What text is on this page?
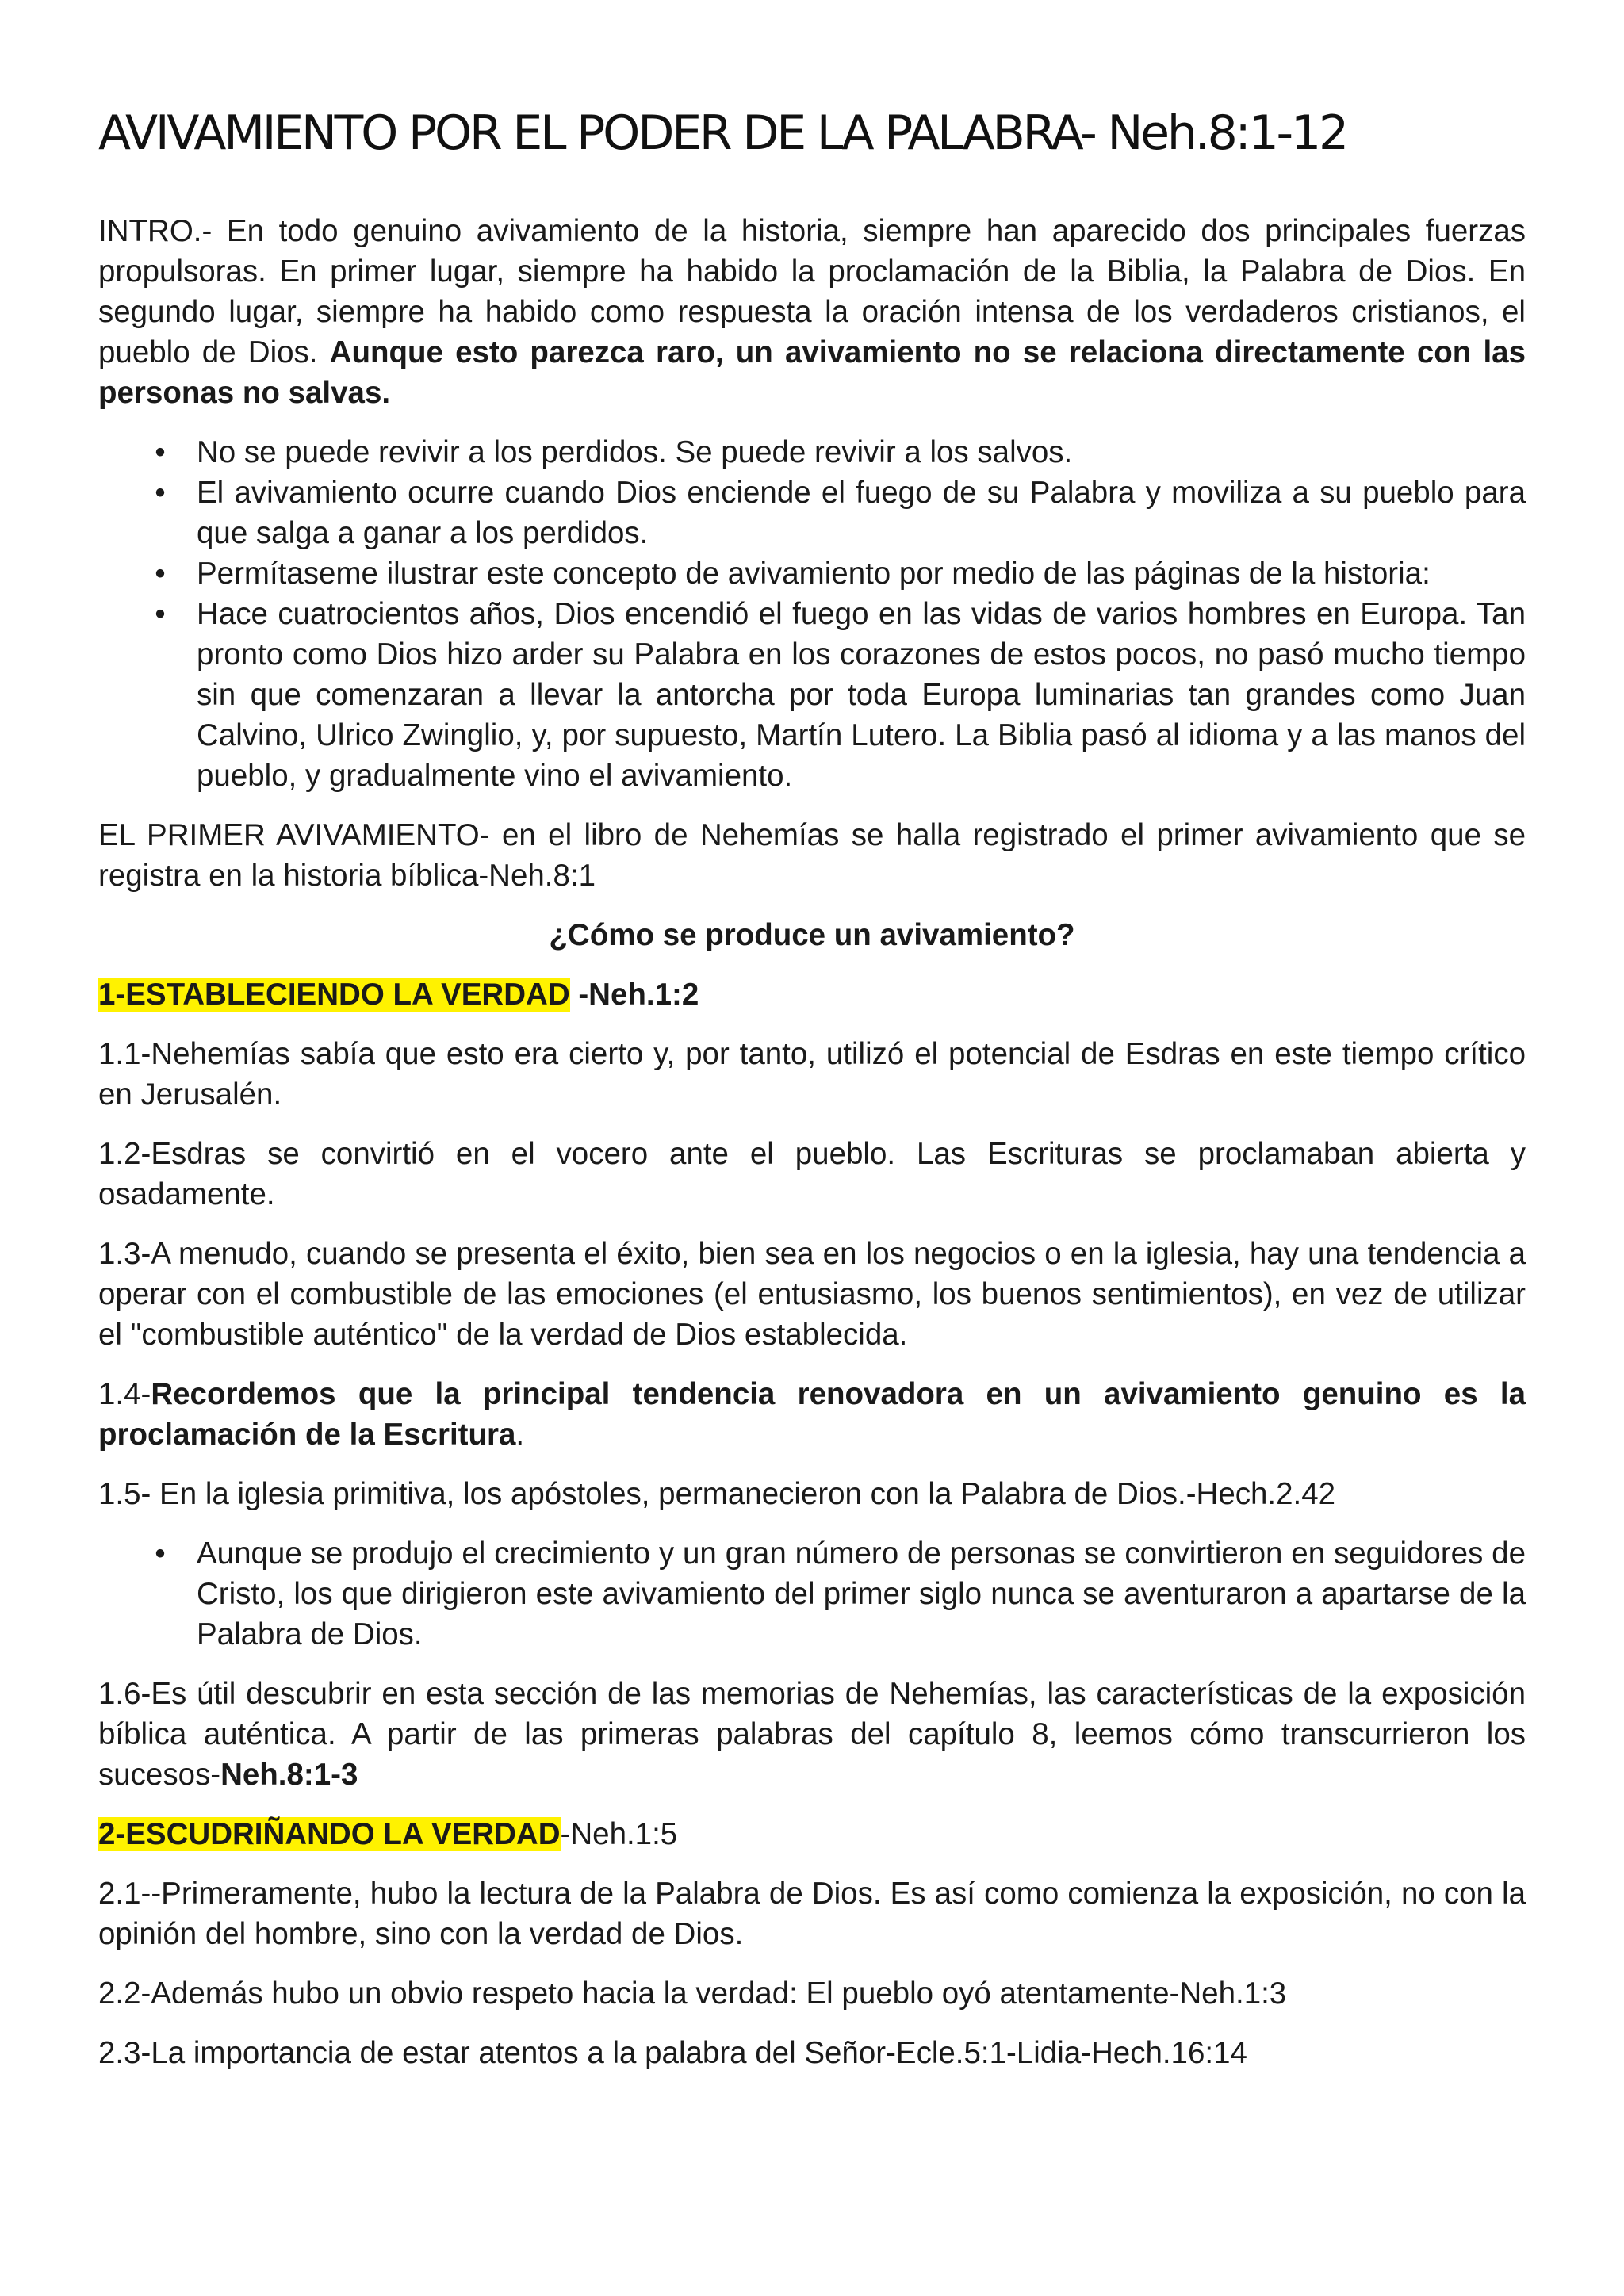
AVIVAMIENTO POR EL PODER DE LA PALABRA- Neh.8:1-12

INTRO.- En todo genuino avivamiento de la historia, siempre han aparecido dos principales fuerzas propulsoras. En primer lugar, siempre ha habido la proclamación de la Biblia, la Palabra de Dios. En segundo lugar, siempre ha habido como respuesta la oración intensa de los verdaderos cristianos, el pueblo de Dios. Aunque esto parezca raro, un avivamiento no se relaciona directamente con las personas no salvas.

• No se puede revivir a los perdidos. Se puede revivir a los salvos.
• El avivamiento ocurre cuando Dios enciende el fuego de su Palabra y moviliza a su pueblo para que salga a ganar a los perdidos.
• Permítaseme ilustrar este concepto de avivamiento por medio de las páginas de la historia:
• Hace cuatrocientos años, Dios encendió el fuego en las vidas de varios hombres en Europa. Tan pronto como Dios hizo arder su Palabra en los corazones de estos pocos, no pasó mucho tiempo sin que comenzaran a llevar la antorcha por toda Europa luminarias tan grandes como Juan Calvino, Ulrico Zwinglio, y, por supuesto, Martín Lutero. La Biblia pasó al idioma y a las manos del pueblo, y gradualmente vino el avivamiento.

EL PRIMER AVIVAMIENTO- en el libro de Nehemías se halla registrado el primer avivamiento que se registra en la historia bíblica-Neh.8:1

¿Cómo se produce un avivamiento?

1-ESTABLECIENDO LA VERDAD -Neh.1:2

1.1-Nehemías sabía que esto era cierto y, por tanto, utilizó el potencial de Esdras en este tiempo crítico en Jerusalén.

1.2-Esdras se convirtió en el vocero ante el pueblo. Las Escrituras se proclamaban abierta y osadamente.

1.3-A menudo, cuando se presenta el éxito, bien sea en los negocios o en la iglesia, hay una tendencia a operar con el combustible de las emociones (el entusiasmo, los buenos sentimientos), en vez de utilizar el "combustible auténtico" de la verdad de Dios establecida.

1.4-Recordemos que la principal tendencia renovadora en un avivamiento genuino es la proclamación de la Escritura.

1.5- En la iglesia primitiva, los apóstoles, permanecieron con la Palabra de Dios.-Hech.2.42

• Aunque se produjo el crecimiento y un gran número de personas se convirtieron en seguidores de Cristo, los que dirigieron este avivamiento del primer siglo nunca se aventuraron a apartarse de la Palabra de Dios.

1.6-Es útil descubrir en esta sección de las memorias de Nehemías, las características de la exposición bíblica auténtica. A partir de las primeras palabras del capítulo 8, leemos cómo transcurrieron los sucesos-Neh.8:1-3

2-ESCUDRIÑANDO LA VERDAD-Neh.1:5

2.1--Primeramente, hubo la lectura de la Palabra de Dios. Es así como comienza la exposición, no con la opinión del hombre, sino con la verdad de Dios.

2.2-Además hubo un obvio respeto hacia la verdad: El pueblo oyó atentamente-Neh.1:3

2.3-La importancia de estar atentos a la palabra del Señor-Ecle.5:1-Lidia-Hech.16:14
